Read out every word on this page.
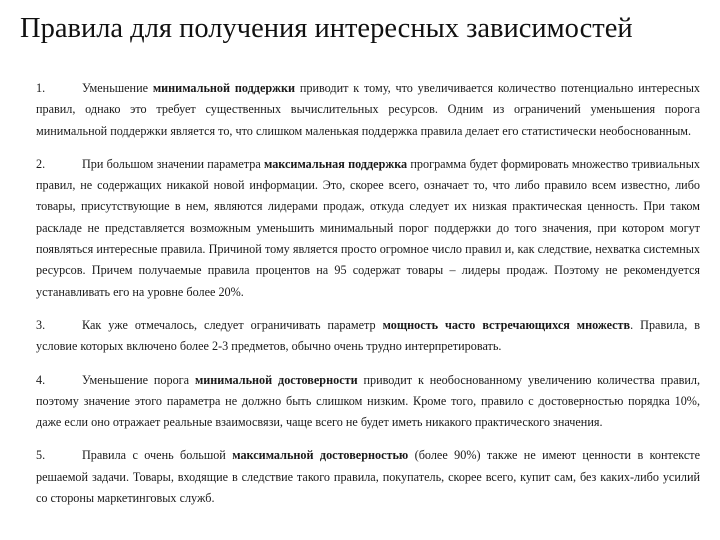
Правила для получения интересных зависимостей

1.	Уменьшение минимальной поддержки приводит к тому, что увеличивается количество потенциально интересных правил, однако это требует существенных вычислительных ресурсов. Одним из ограничений уменьшения порога минимальной поддержки является то, что слишком маленькая поддержка правила делает его статистически необоснованным.

2.	При большом значении параметра максимальная поддержка программа будет формировать множество тривиальных правил, не содержащих никакой новой информации. Это, скорее всего, означает то, что либо правило всем известно, либо товары, присутствующие в нем, являются лидерами продаж, откуда следует их низкая практическая ценность. При таком раскладе не представляется возможным уменьшить минимальный порог поддержки до того значения, при котором могут появляться интересные правила. Причиной тому является просто огромное число правил и, как следствие, нехватка системных ресурсов. Причем получаемые правила процентов на 95 содержат товары – лидеры продаж. Поэтому не рекомендуется устанавливать его на уровне более 20%.

3.	Как уже отмечалось, следует ограничивать параметр мощность часто встречающихся множеств. Правила, в условие которых включено более 2-3 предметов, обычно очень трудно интерпретировать.

4.	Уменьшение порога минимальной достоверности приводит к необоснованному увеличению количества правил, поэтому значение этого параметра не должно быть слишком низким. Кроме того, правило с достоверностью порядка 10%, даже если оно отражает реальные взаимосвязи, чаще всего не будет иметь никакого практического значения.

5.	Правила с очень большой максимальной достоверностью (более 90%) также не имеют ценности в контексте решаемой задачи. Товары, входящие в следствие такого правила, покупатель, скорее всего, купит сам, без каких-либо усилий со стороны маркетинговых служб.
